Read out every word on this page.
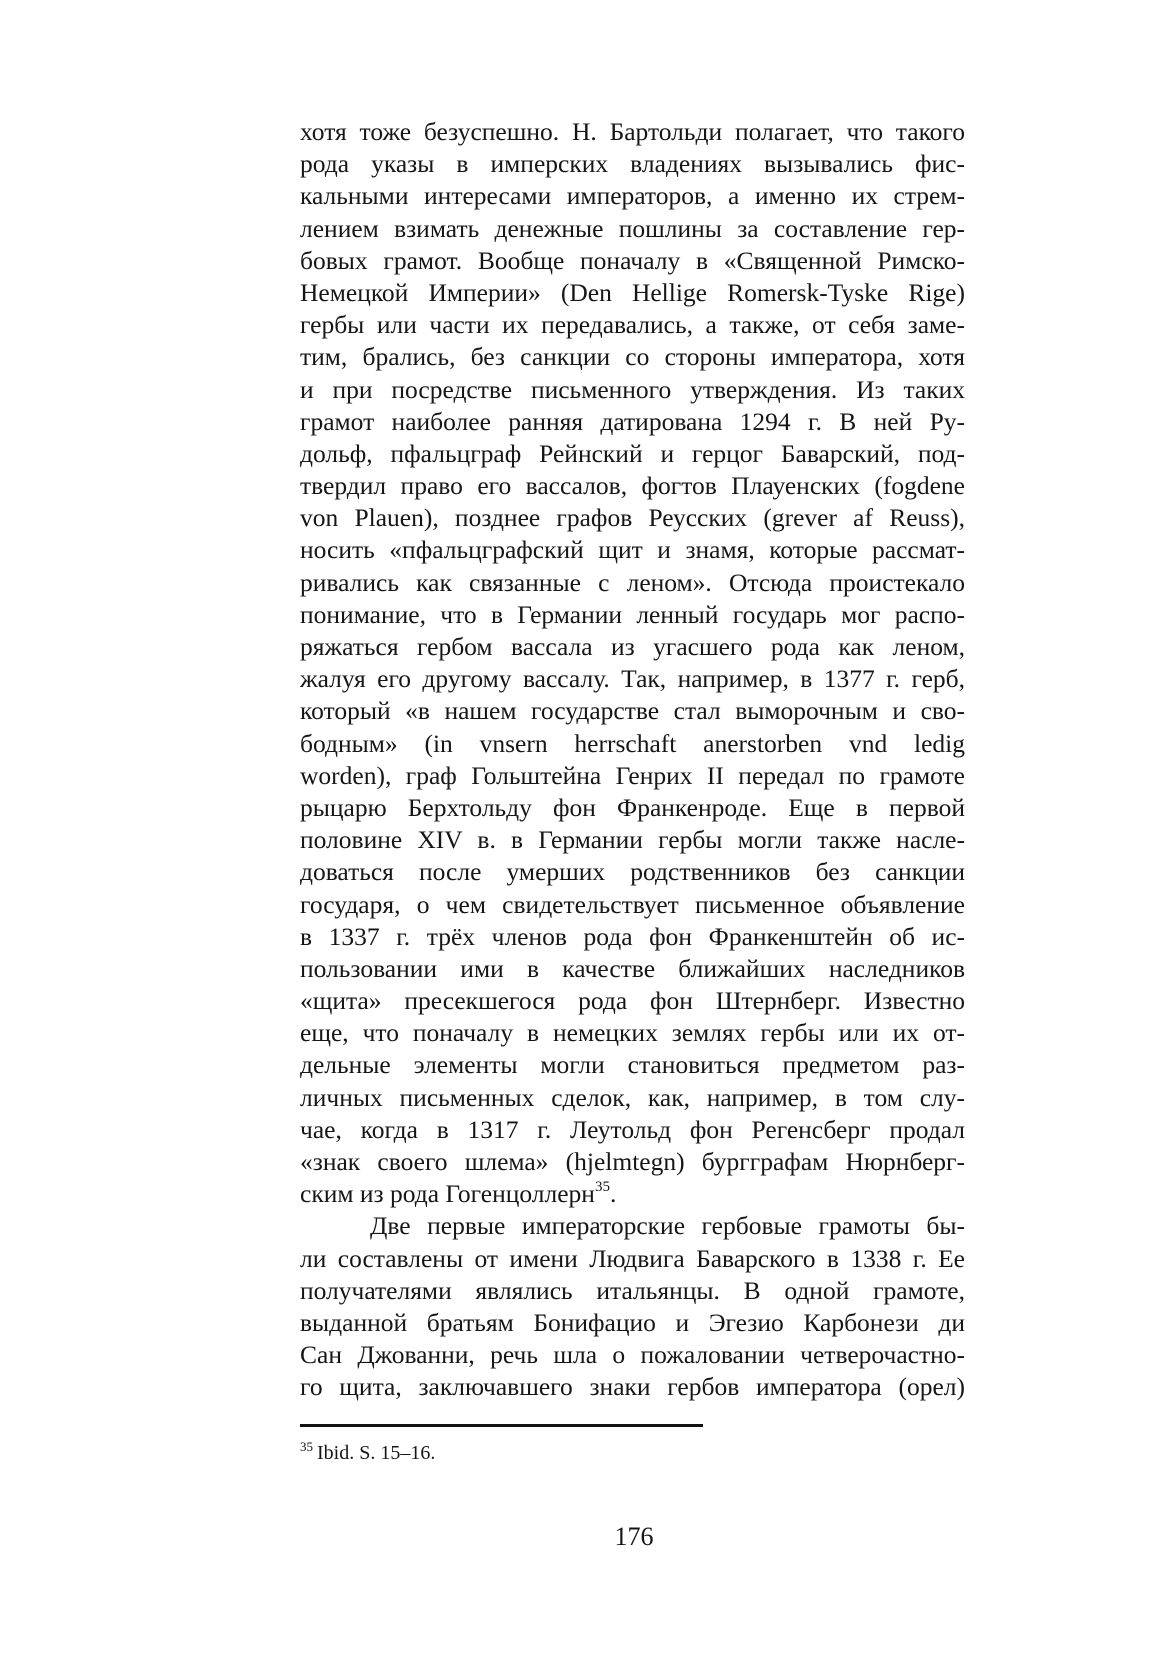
хотя тоже безуспешно. Н. Бартольди полагает, что такого
рода указы в имперских владениях вызывались фис-
кальными интересами императоров, а именно их стрем-
лением взимать денежные пошлины за составление гер-
бовых грамот. Вообще поначалу в «Священной Римско-
Немецкой Империи» (Den Hellige Romersk-Tyske Rige)
гербы или части их передавались, а также, от себя заме-
тим, брались, без санкции со стороны императора, хотя
и при посредстве письменного утверждения. Из таких
грамот наиболее ранняя датирована 1294 г. В ней Ру-
дольф, пфальцграф Рейнский и герцог Баварский, под-
твердил право его вассалов, фогтов Плауенских (fogdene
von Plauen), позднее графов Реусских (grever af Reuss),
носить «пфальцграфский щит и знамя, которые рассмат-
ривались как связанные с леном». Отсюда проистекало
понимание, что в Германии ленный государь мог распо-
ряжаться гербом вассала из угасшего рода как леном,
жалуя его другому вассалу. Так, например, в 1377 г. герб,
который «в нашем государстве стал выморочным и сво-
бодным» (in vnsern herrschaft anerstorben vnd ledig
worden), граф Гольштейна Генрих II передал по грамоте
рыцарю Берхтольду фон Франкенроде. Еще в первой
половине XIV в. в Германии гербы могли также насле-
доваться после умерших родственников без санкции
государя, о чем свидетельствует письменное объявление
в 1337 г. трёх членов рода фон Франкенштейн об ис-
пользовании ими в качестве ближайших наследников
«щита» пресекшегося рода фон Штернберг. Известно
еще, что поначалу в немецких землях гербы или их от-
дельные элементы могли становиться предметом раз-
личных письменных сделок, как, например, в том слу-
чае, когда в 1317 г. Леутольд фон Регенсберг продал
«знак своего шлема» (hjelmtegn) бургграфам Нюрнберг-
ским из рода Гогенцоллерн$^{35}$.
Две первые императорские гербовые грамоты бы-
ли составлены от имени Людвига Баварского в 1338 г. Ее
получателями являлись итальянцы. В одной грамоте,
выданной братьям Бонифацио и Эгезио Карбонези ди
Сан Джованни, речь шла о пожаловании четверочастно-
го щита, заключавшего знаки гербов императора (орел)
$^{35}$ Ibid. S. 15–16.
176
